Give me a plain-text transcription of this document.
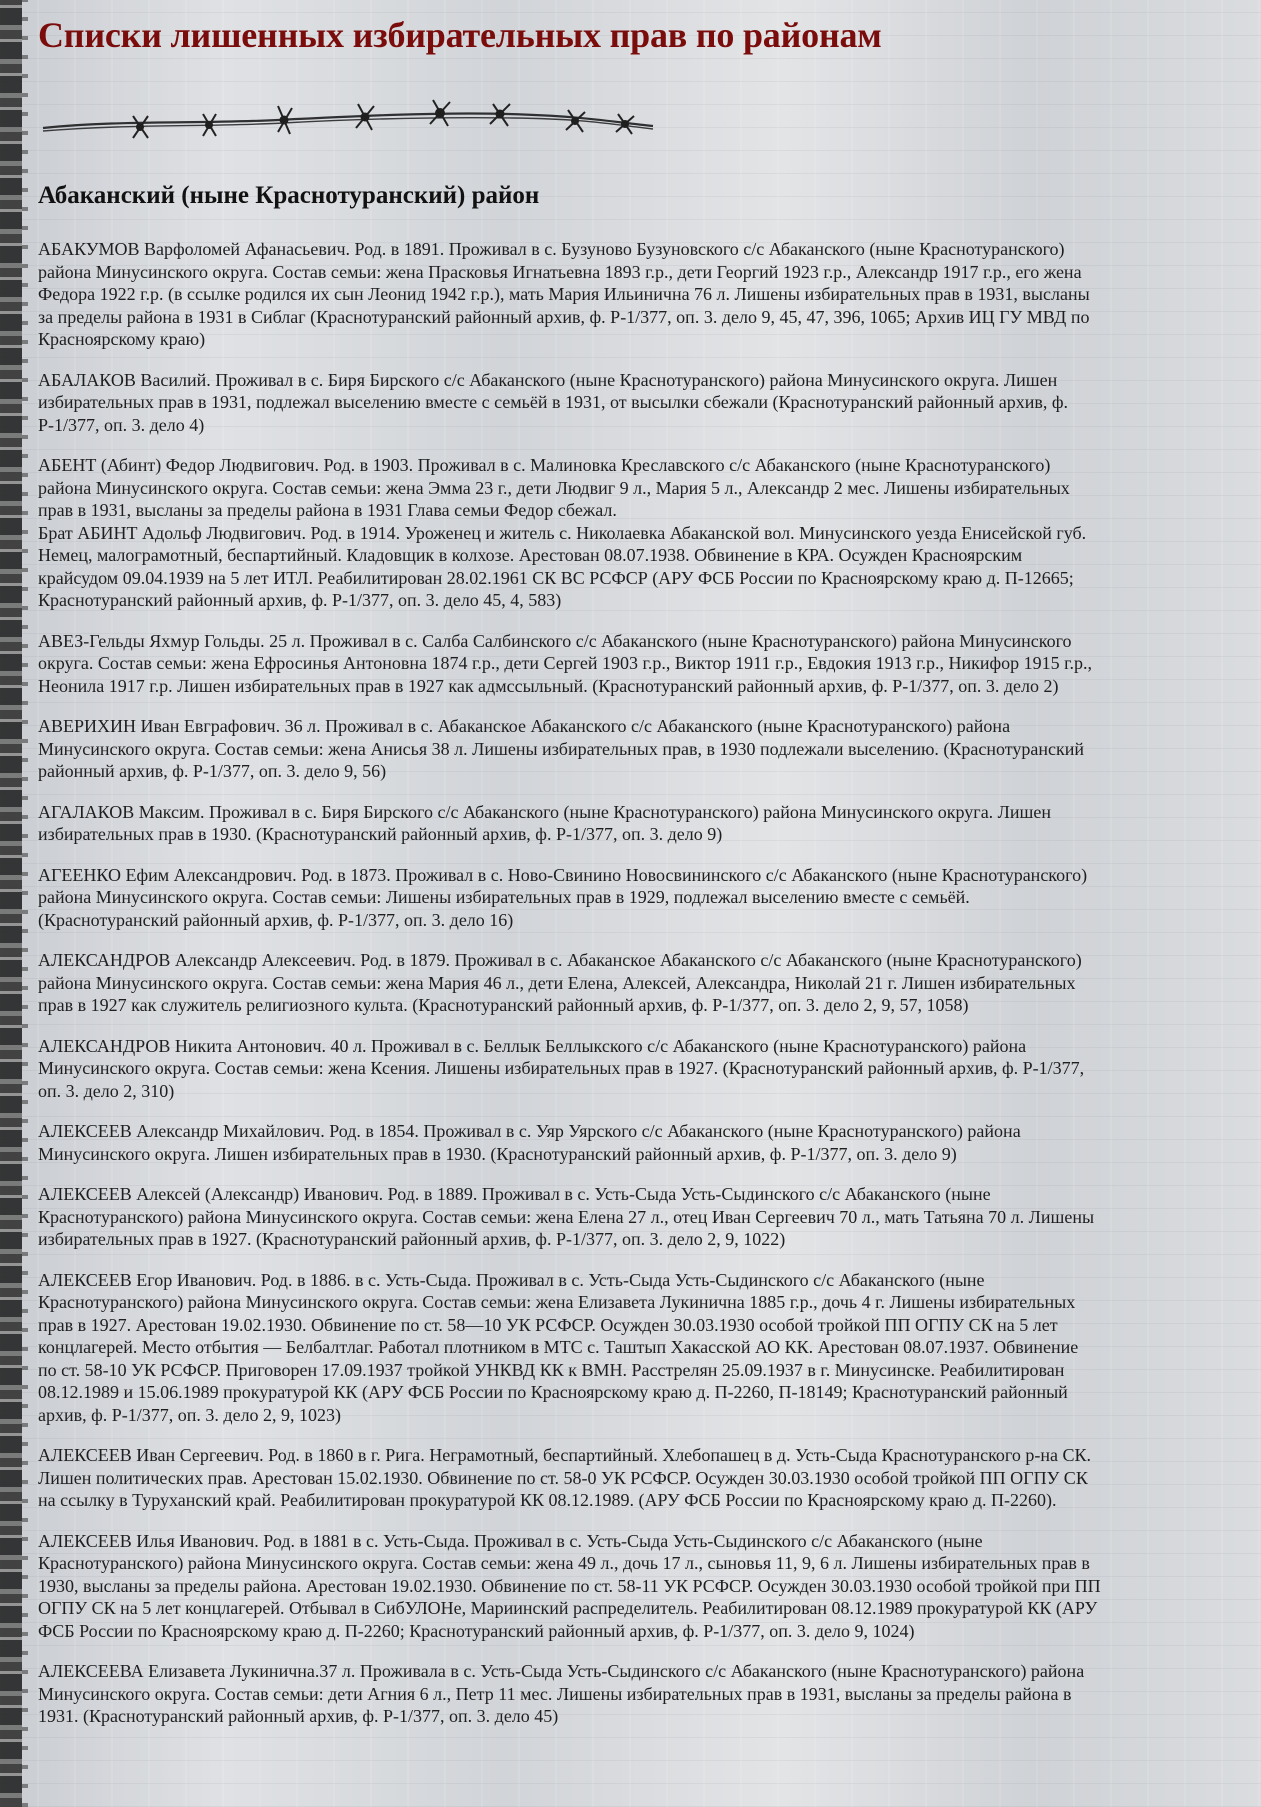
Списки лишенных избирательных прав по районам
Абаканский (ныне Краснотуранский) район
АБАКУМОВ Варфоломей Афанасьевич. Род. в 1891. Проживал в с. Бузуново Бузуновского с/с Абаканского (ныне Краснотуранского)
района Минусинского округа. Состав семьи: жена Прасковья Игнатьевна 1893 г.р., дети Георгий 1923 г.р., Александр 1917 г.р., его жена
Федора 1922 г.р. (в ссылке родился их сын Леонид 1942 г.р.), мать Мария Ильинична 76 л. Лишены избирательных прав в 1931, высланы
за пределы района в 1931 в Сиблаг (Краснотуранский районный архив, ф. Р-1/377, оп. 3. дело 9, 45, 47, 396, 1065; Архив ИЦ ГУ МВД по
Красноярскому краю)
АБАЛАКОВ Василий. Проживал в с. Биря Бирского с/с Абаканского (ныне Краснотуранского) района Минусинского округа. Лишен
избирательных прав в 1931, подлежал выселению вместе с семьёй в 1931, от высылки сбежали (Краснотуранский районный архив, ф.
Р-1/377, оп. 3. дело 4)
АБЕНТ (Абинт) Федор Людвигович. Род. в 1903. Проживал в с. Малиновка Креславского с/с Абаканского (ныне Краснотуранского)
района Минусинского округа. Состав семьи: жена Эмма 23 г., дети Людвиг 9 л., Мария 5 л., Александр 2 мес. Лишены избирательных
прав в 1931, высланы за пределы района в 1931 Глава семьи Федор сбежал.
Брат АБИНТ Адольф Людвигович. Род. в 1914. Уроженец и житель с. Николаевка Абаканской вол. Минусинского уезда Енисейской губ.
Немец, малограмотный, беспартийный. Кладовщик в колхозе. Арестован 08.07.1938. Обвинение в КРА. Осужден Красноярским
крайсудом 09.04.1939 на 5 лет ИТЛ. Реабилитирован 28.02.1961 СК ВС РСФСР (АРУ ФСБ России по Красноярскому краю д. П-12665;
Краснотуранский районный архив, ф. Р-1/377, оп. 3. дело 45, 4, 583)
АВЕЗ-Гельды Яхмур Гольды. 25 л. Проживал в с. Салба Салбинского с/с Абаканского (ныне Краснотуранского) района Минусинского
округа. Состав семьи: жена Ефросинья Антоновна 1874 г.р., дети Сергей 1903 г.р., Виктор 1911 г.р., Евдокия 1913 г.р., Никифор 1915 г.р.,
Неонила 1917 г.р. Лишен избирательных прав в 1927 как адмссыльный. (Краснотуранский районный архив, ф. Р-1/377, оп. 3. дело 2)
АВЕРИХИН Иван Евграфович. 36 л. Проживал в с. Абаканское Абаканского с/с Абаканского (ныне Краснотуранского) района
Минусинского округа. Состав семьи: жена Анисья 38 л. Лишены избирательных прав, в 1930 подлежали выселению. (Краснотуранский
районный архив, ф. Р-1/377, оп. 3. дело 9, 56)
АГАЛАКОВ Максим. Проживал в с. Биря Бирского с/с Абаканского (ныне Краснотуранского) района Минусинского округа. Лишен
избирательных прав в 1930. (Краснотуранский районный архив, ф. Р-1/377, оп. 3. дело 9)
АГЕЕНКО Ефим Александрович. Род. в 1873. Проживал в с. Ново-Свинино Новосвининского с/с Абаканского (ныне Краснотуранского)
района Минусинского округа. Состав семьи: Лишены избирательных прав в 1929, подлежал выселению вместе с семьёй.
(Краснотуранский районный архив, ф. Р-1/377, оп. 3. дело 16)
АЛЕКСАНДРОВ Александр Алексеевич. Род. в 1879. Проживал в с. Абаканское Абаканского с/с Абаканского (ныне Краснотуранского)
района Минусинского округа. Состав семьи: жена Мария 46 л., дети Елена, Алексей, Александра, Николай 21 г. Лишен избирательных
прав в 1927 как служитель религиозного культа. (Краснотуранский районный архив, ф. Р-1/377, оп. 3. дело 2, 9, 57, 1058)
АЛЕКСАНДРОВ Никита Антонович. 40 л. Проживал в с. Беллык Беллыкского с/с Абаканского (ныне Краснотуранского) района
Минусинского округа. Состав семьи: жена Ксения. Лишены избирательных прав в 1927. (Краснотуранский районный архив, ф. Р-1/377,
оп. 3. дело 2, 310)
АЛЕКСЕЕВ Александр Михайлович. Род. в 1854. Проживал в с. Уяр Уярского с/с Абаканского (ныне Краснотуранского) района
Минусинского округа. Лишен избирательных прав в 1930. (Краснотуранский районный архив, ф. Р-1/377, оп. 3. дело 9)
АЛЕКСЕЕВ Алексей (Александр) Иванович. Род. в 1889. Проживал в с. Усть-Сыда Усть-Сыдинского с/с Абаканского (ныне
Краснотуранского) района Минусинского округа. Состав семьи: жена Елена 27 л., отец Иван Сергеевич 70 л., мать Татьяна 70 л. Лишены
избирательных прав в 1927. (Краснотуранский районный архив, ф. Р-1/377, оп. 3. дело 2, 9, 1022)
АЛЕКСЕЕВ Егор Иванович. Род. в 1886. в с. Усть-Сыда. Проживал в с. Усть-Сыда Усть-Сыдинского с/с Абаканского (ныне
Краснотуранского) района Минусинского округа. Состав семьи: жена Елизавета Лукинична 1885 г.р., дочь 4 г. Лишены избирательных
прав в 1927. Арестован 19.02.1930. Обвинение по ст. 58—10 УК РСФСР. Осужден 30.03.1930 особой тройкой ПП ОГПУ СК на 5 лет
концлагерей. Место отбытия — Белбалтлаг. Работал плотником в МТС с. Таштып Хакасской АО КК. Арестован 08.07.1937. Обвинение
по ст. 58-10 УК РСФСР. Приговорен 17.09.1937 тройкой УНКВД КК к ВМН. Расстрелян 25.09.1937 в г. Минусинске. Реабилитирован
08.12.1989 и 15.06.1989 прокуратурой КК (АРУ ФСБ России по Красноярскому краю д. П-2260, П-18149; Краснотуранский районный
архив, ф. Р-1/377, оп. 3. дело 2, 9, 1023)
АЛЕКСЕЕВ Иван Сергеевич. Род. в 1860 в г. Рига. Неграмотный, беспартийный. Хлебопашец в д. Усть-Сыда Краснотуранского р-на СК.
Лишен политических прав. Арестован 15.02.1930. Обвинение по ст. 58-0 УК РСФСР. Осужден 30.03.1930 особой тройкой ПП ОГПУ СК
на ссылку в Туруханский край. Реабилитирован прокуратурой КК 08.12.1989. (АРУ ФСБ России по Красноярскому краю д. П-2260).
АЛЕКСЕЕВ Илья Иванович. Род. в 1881 в с. Усть-Сыда. Проживал в с. Усть-Сыда Усть-Сыдинского с/с Абаканского (ныне
Краснотуранского) района Минусинского округа. Состав семьи: жена 49 л., дочь 17 л., сыновья 11, 9, 6 л. Лишены избирательных прав в
1930, высланы за пределы района. Арестован 19.02.1930. Обвинение по ст. 58-11 УК РСФСР. Осужден 30.03.1930 особой тройкой при ПП
ОГПУ СК на 5 лет концлагерей. Отбывал в СибУЛОНе, Мариинский распределитель. Реабилитирован 08.12.1989 прокуратурой КК (АРУ
ФСБ России по Красноярскому краю д. П-2260; Краснотуранский районный архив, ф. Р-1/377, оп. 3. дело 9, 1024)
АЛЕКСЕЕВА Елизавета Лукинична.37 л. Проживала в с. Усть-Сыда Усть-Сыдинского с/с Абаканского (ныне Краснотуранского) района
Минусинского округа. Состав семьи: дети Агния 6 л., Петр 11 мес. Лишены избирательных прав в 1931, высланы за пределы района в
1931. (Краснотуранский районный архив, ф. Р-1/377, оп. 3. дело 45)
